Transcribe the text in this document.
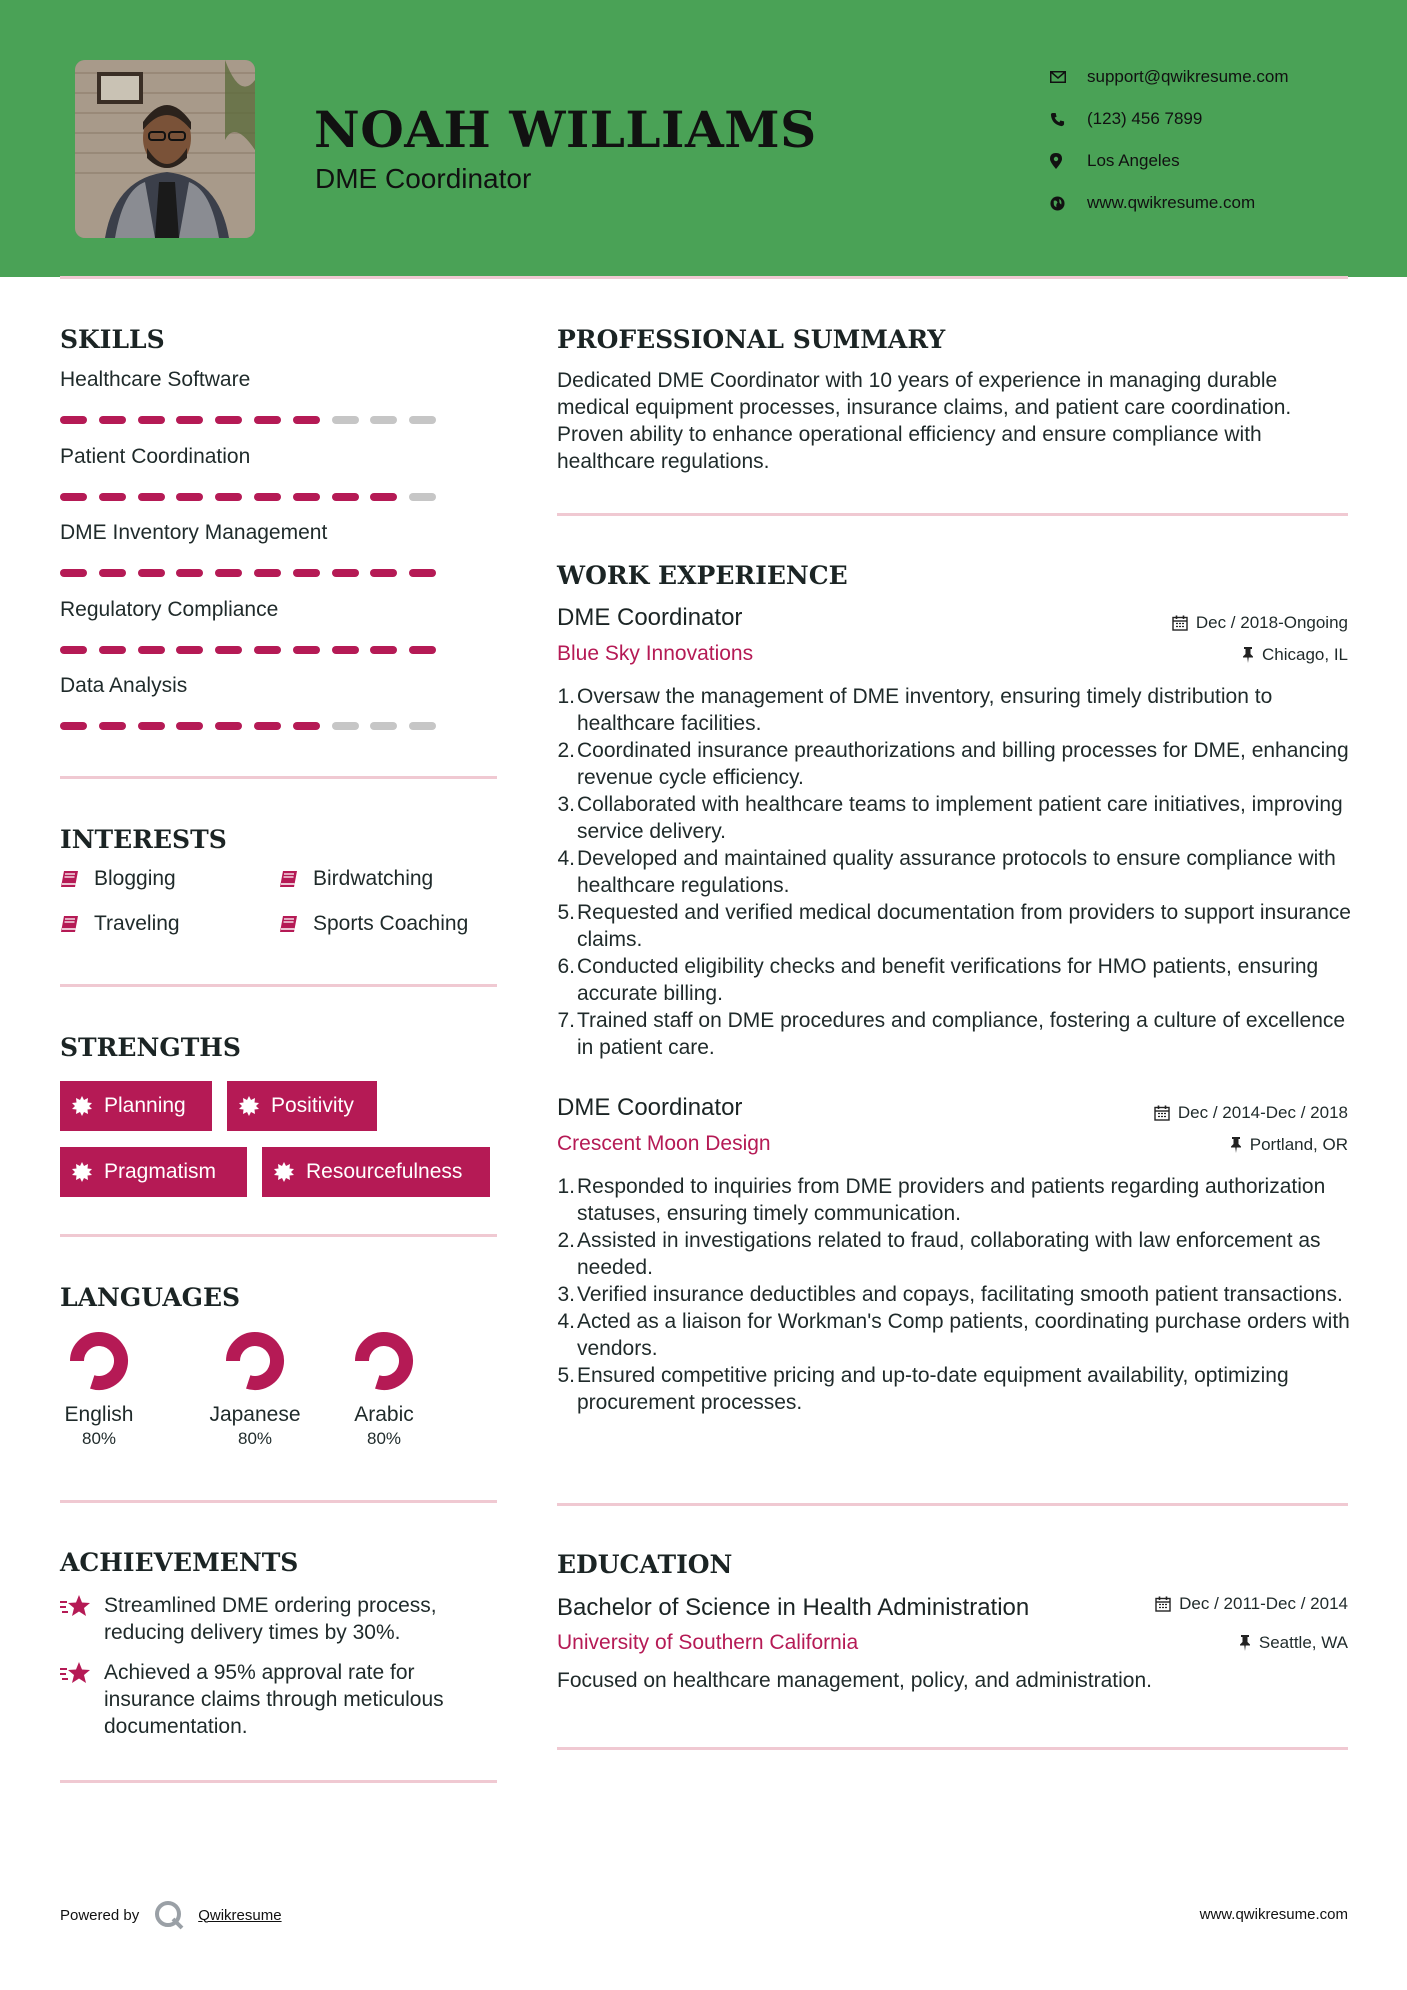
NOAH WILLIAMS
DME Coordinator
support@qwikresume.com
(123) 456 7899
Los Angeles
www.qwikresume.com
SKILLS
Healthcare Software
Patient Coordination
DME Inventory Management
Regulatory Compliance
Data Analysis
INTERESTS
Blogging	Birdwatching
Traveling	Sports Coaching
STRENGTHS
Planning	Positivity
Pragmatism	Resourcefulness
LANGUAGES
English
80%
Japanese
80%
Arabic
80%
ACHIEVEMENTS
Streamlined DME ordering process, reducing delivery times by 30%.
Achieved a 95% approval rate for insurance claims through meticulous documentation.
PROFESSIONAL SUMMARY
Dedicated DME Coordinator with 10 years of experience in managing durable medical equipment processes, insurance claims, and patient care coordination. Proven ability to enhance operational efficiency and ensure compliance with healthcare regulations.
WORK EXPERIENCE
DME Coordinator	Dec / 2018-Ongoing
Blue Sky Innovations	Chicago, IL
1. Oversaw the management of DME inventory, ensuring timely distribution to healthcare facilities.
2. Coordinated insurance preauthorizations and billing processes for DME, enhancing revenue cycle efficiency.
3. Collaborated with healthcare teams to implement patient care initiatives, improving service delivery.
4. Developed and maintained quality assurance protocols to ensure compliance with healthcare regulations.
5. Requested and verified medical documentation from providers to support insurance claims.
6. Conducted eligibility checks and benefit verifications for HMO patients, ensuring accurate billing.
7. Trained staff on DME procedures and compliance, fostering a culture of excellence in patient care.
DME Coordinator	Dec / 2014-Dec / 2018
Crescent Moon Design	Portland, OR
1. Responded to inquiries from DME providers and patients regarding authorization statuses, ensuring timely communication.
2. Assisted in investigations related to fraud, collaborating with law enforcement as needed.
3. Verified insurance deductibles and copays, facilitating smooth patient transactions.
4. Acted as a liaison for Workman's Comp patients, coordinating purchase orders with vendors.
5. Ensured competitive pricing and up-to-date equipment availability, optimizing procurement processes.
EDUCATION
Bachelor of Science in Health Administration	Dec / 2011-Dec / 2014
University of Southern California	Seattle, WA
Focused on healthcare management, policy, and administration.
Powered by	Qwikresume	www.qwikresume.com
